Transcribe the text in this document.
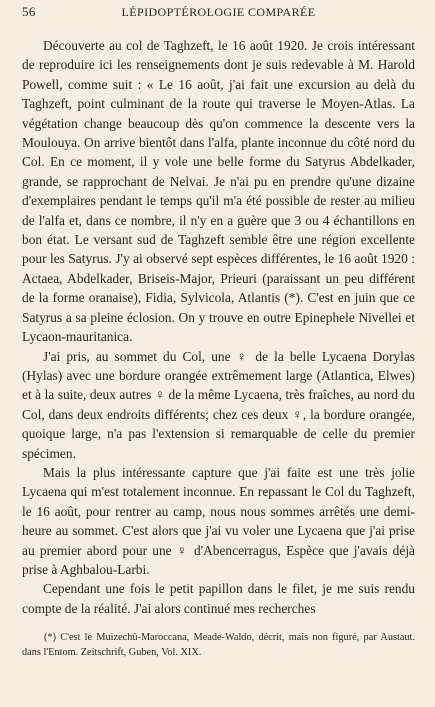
56	LÉPIDOPTÉROLOGIE COMPARÉE

Découverte au col de Taghzeft, le 16 août 1920. Je crois intéressant de reproduire ici les renseignements dont je suis redevable à M. Harold Powell, comme suit : « Le 16 août, j'ai fait une excursion au delà du Taghzeft, point culminant de la route qui traverse le Moyen-Atlas. La végétation change beaucoup dès qu'on commence la descente vers la Moulouya. On arrive bientôt dans l'alfa, plante inconnue du côté nord du Col. En ce moment, il y vole une belle forme du Satyrus Abdelkader, grande, se rapprochant de Nelvai. Je n'ai pu en prendre qu'une dizaine d'exemplaires pendant le temps qu'il m'a été possible de rester au milieu de l'alfa et, dans ce nombre, il n'y en a guère que 3 ou 4 échantillons en bon état. Le versant sud de Taghzeft semble être une région excellente pour les Satyrus. J'y ai observé sept espèces différentes, le 16 août 1920 : Actaea, Abdelkader, Briseis-Major, Prieuri (paraissant un peu différent de la forme oranaise), Fidia, Sylvicola, Atlantis (*). C'est en juin que ce Satyrus a sa pleine éclosion. On y trouve en outre Epinephele Nivellei et Lycaon-mauritanica.

J'ai pris, au sommet du Col, une ♀ de la belle Lycaena Dorylas (Hylas) avec une bordure orangée extrêmement large (Atlantica, Elwes) et à la suite, deux autres ♀ de la même Lycaena, très fraîches, au nord du Col, dans deux endroits différents; chez ces deux ♀, la bordure orangée, quoique large, n'a pas l'extension si remarquable de celle du premier spécimen.

Mais la plus intéressante capture que j'ai faite est une très jolie Lycaena qui m'est totalement inconnue. En repassant le Col du Taghzeft, le 16 août, pour rentrer au camp, nous nous sommes arrêtés une demi-heure au sommet. C'est alors que j'ai vu voler une Lycaena que j'ai prise au premier abord pour une ♀ d'Abencerragus, Espèce que j'avais déjà prise à Aghbalou-Larbi.

Cependant une fois le petit papillon dans le filet, je me suis rendu compte de la réalité. J'ai alors continué mes recherches

(*) C'est le Muizechü-Marocсana, Meade-Waldo, décrit, mais non figuré, par Austaut. dans l'Entom. Zeitschrift, Guben, Vol. XIX.
